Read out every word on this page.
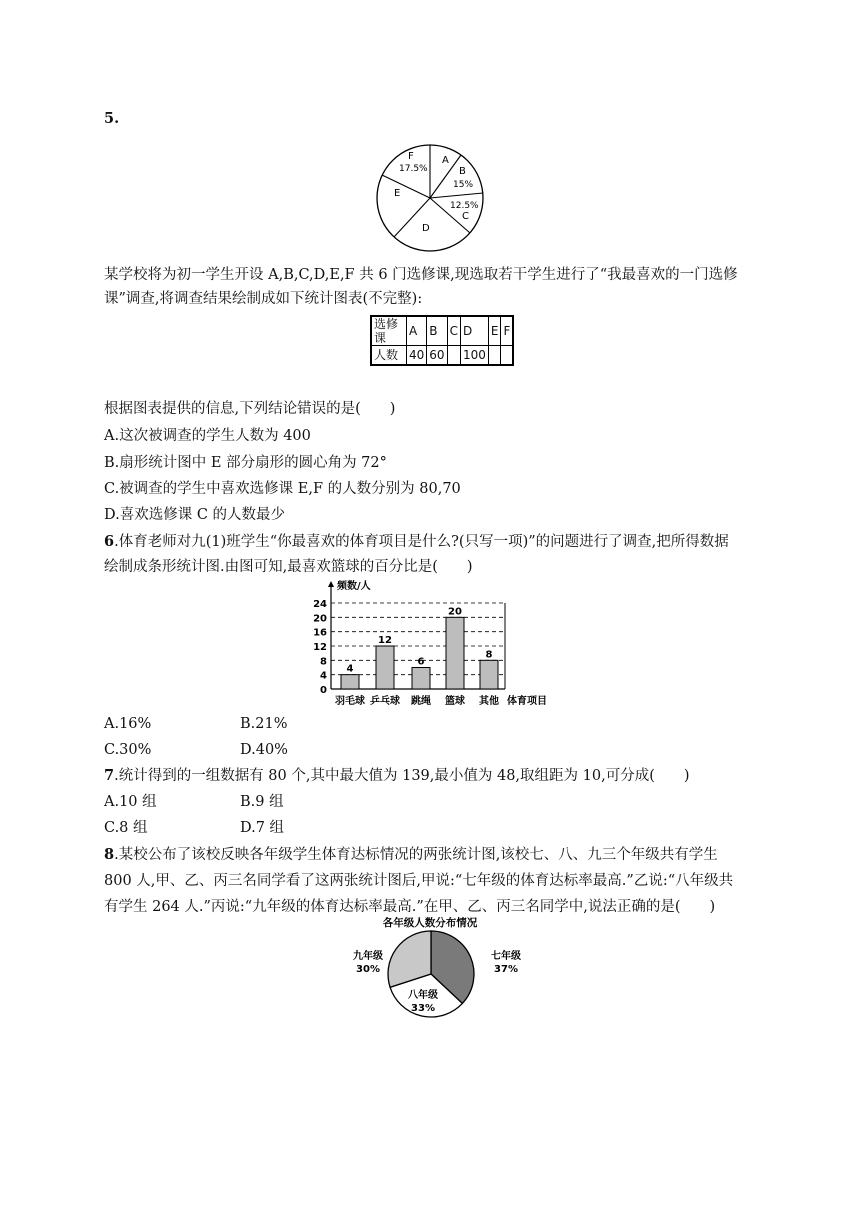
5.
A
B
15%
12.5%
C
D
E
F
17.5%
某学校将为初一学生开设 A,B,C,D,E,F 共 6 门选修课,现选取若干学生进行了“我最喜欢的一门选修
课”调查,将调查结果绘制成如下统计图表(不完整):
选修课	A	B	C	D	E	F
人数	40	60		100		
根据图表提供的信息,下列结论错误的是(　　)
A.这次被调查的学生人数为 400
B.扇形统计图中 E 部分扇形的圆心角为 72°
C.被调查的学生中喜欢选修课 E,F 的人数分别为 80,70
D.喜欢选修课 C 的人数最少
6.体育老师对九(1)班学生“你最喜欢的体育项目是什么?(只写一项)”的问题进行了调查,把所得数据
绘制成条形统计图.由图可知,最喜欢篮球的百分比是(　　)
0
4
8
12
16
20
24
频数/人
体育项目
4
羽毛球
12
乒乓球
6
跳绳
20
篮球
8
其他
A.16%	B.21%
C.30%	D.40%
7.统计得到的一组数据有 80 个,其中最大值为 139,最小值为 48,取组距为 10,可分成(　　)
A.10 组	B.9 组
C.8 组	D.7 组
8.某校公布了该校反映各年级学生体育达标情况的两张统计图,该校七、八、九三个年级共有学生
800 人,甲、乙、丙三名同学看了这两张统计图后,甲说:“七年级的体育达标率最高.”乙说:“八年级共
有学生 264 人.”丙说:“九年级的体育达标率最高.”在甲、乙、丙三名同学中,说法正确的是(　　)
各年级人数分布情况
七年级
37%
八年级
33%
九年级
30%
